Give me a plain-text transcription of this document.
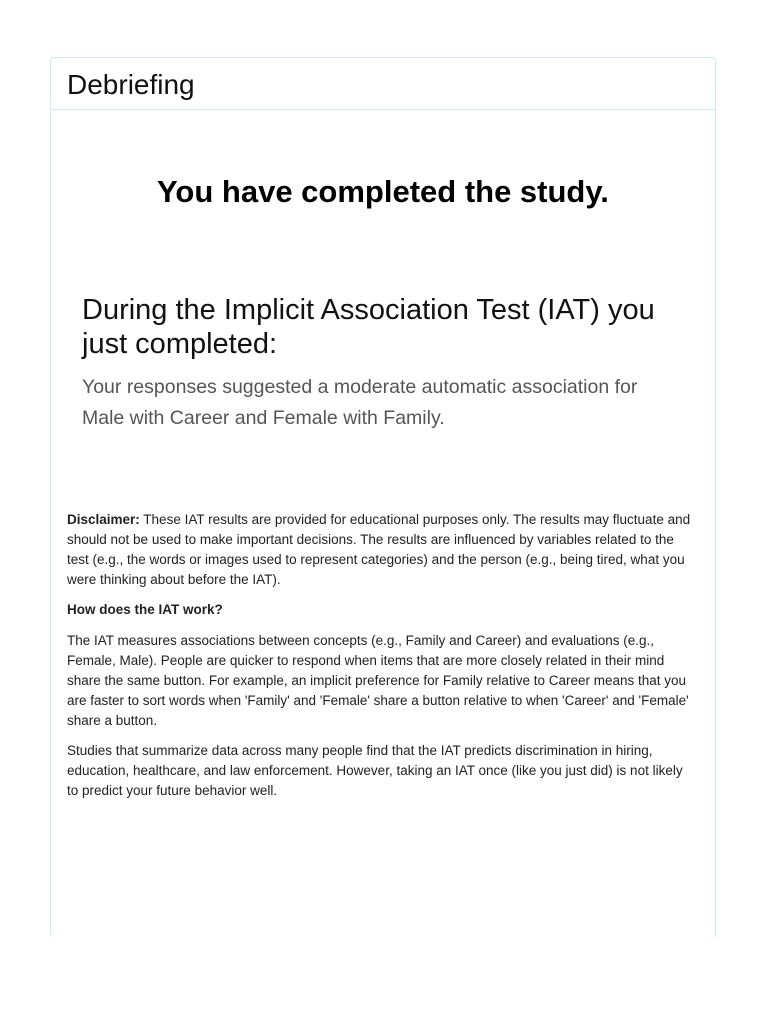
Debriefing
You have completed the study.
During the Implicit Association Test (IAT) you just completed:

Your responses suggested a moderate automatic association for Male with Career and Female with Family.

Disclaimer: These IAT results are provided for educational purposes only. The results may fluctuate and should not be used to make important decisions. The results are influenced by variables related to the test (e.g., the words or images used to represent categories) and the person (e.g., being tired, what you were thinking about before the IAT).

How does the IAT work?

The IAT measures associations between concepts (e.g., Family and Career) and evaluations (e.g., Female, Male). People are quicker to respond when items that are more closely related in their mind share the same button. For example, an implicit preference for Family relative to Career means that you are faster to sort words when 'Family' and 'Female' share a button relative to when 'Career' and 'Female' share a button.

Studies that summarize data across many people find that the IAT predicts discrimination in hiring, education, healthcare, and law enforcement. However, taking an IAT once (like you just did) is not likely to predict your future behavior well.
